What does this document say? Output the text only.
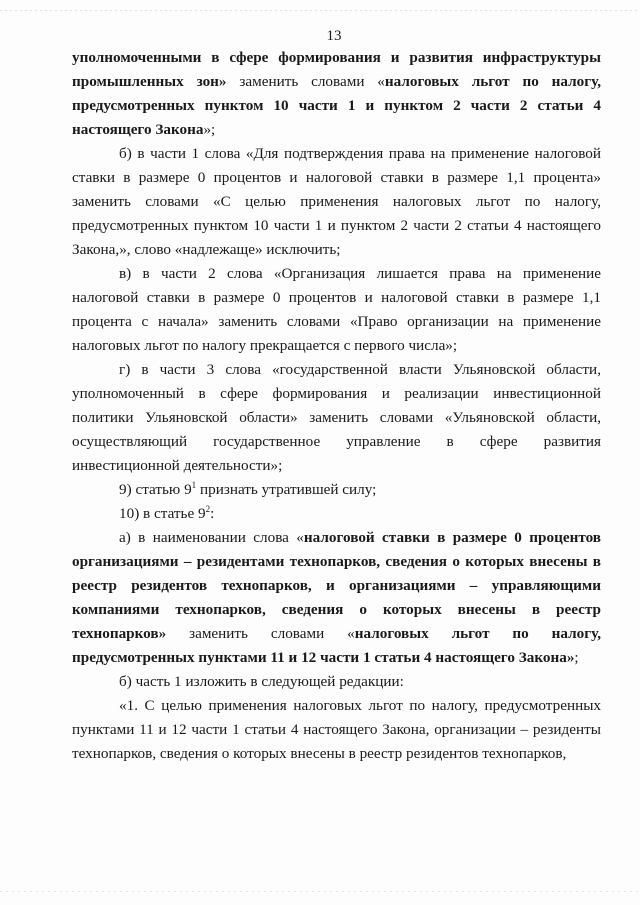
13

уполномоченными в сфере формирования и развития инфраструктуры промышленных зон» заменить словами «налоговых льгот по налогу, предусмотренных пунктом 10 части 1 и пунктом 2 части 2 статьи 4 настоящего Закона»;

б) в части 1 слова «Для подтверждения права на применение налоговой ставки в размере 0 процентов и налоговой ставки в размере 1,1 процента» заменить словами «С целью применения налоговых льгот по налогу, предусмотренных пунктом 10 части 1 и пунктом 2 части 2 статьи 4 настоящего Закона,», слово «надлежаще» исключить;

в) в части 2 слова «Организация лишается права на применение налоговой ставки в размере 0 процентов и налоговой ставки в размере 1,1 процента с начала» заменить словами «Право организации на применение налоговых льгот по налогу прекращается с первого числа»;

г) в части 3 слова «государственной власти Ульяновской области, уполномоченный в сфере формирования и реализации инвестиционной политики Ульяновской области» заменить словами «Ульяновской области, осуществляющий государственное управление в сфере развития инвестиционной деятельности»;

9) статью $9^1$ признать утратившей силу;

10) в статье $9^2$:

а) в наименовании слова «налоговой ставки в размере 0 процентов организациями – резидентами технопарков, сведения о которых внесены в реестр резидентов технопарков, и организациями – управляющими компаниями технопарков, сведения о которых внесены в реестр технопарков» заменить словами «налоговых льгот по налогу, предусмотренных пунктами 11 и 12 части 1 статьи 4 настоящего Закона»;

б) часть 1 изложить в следующей редакции:

«1. С целью применения налоговых льгот по налогу, предусмотренных пунктами 11 и 12 части 1 статьи 4 настоящего Закона, организации – резиденты технопарков, сведения о которых внесены в реестр резидентов технопарков,
